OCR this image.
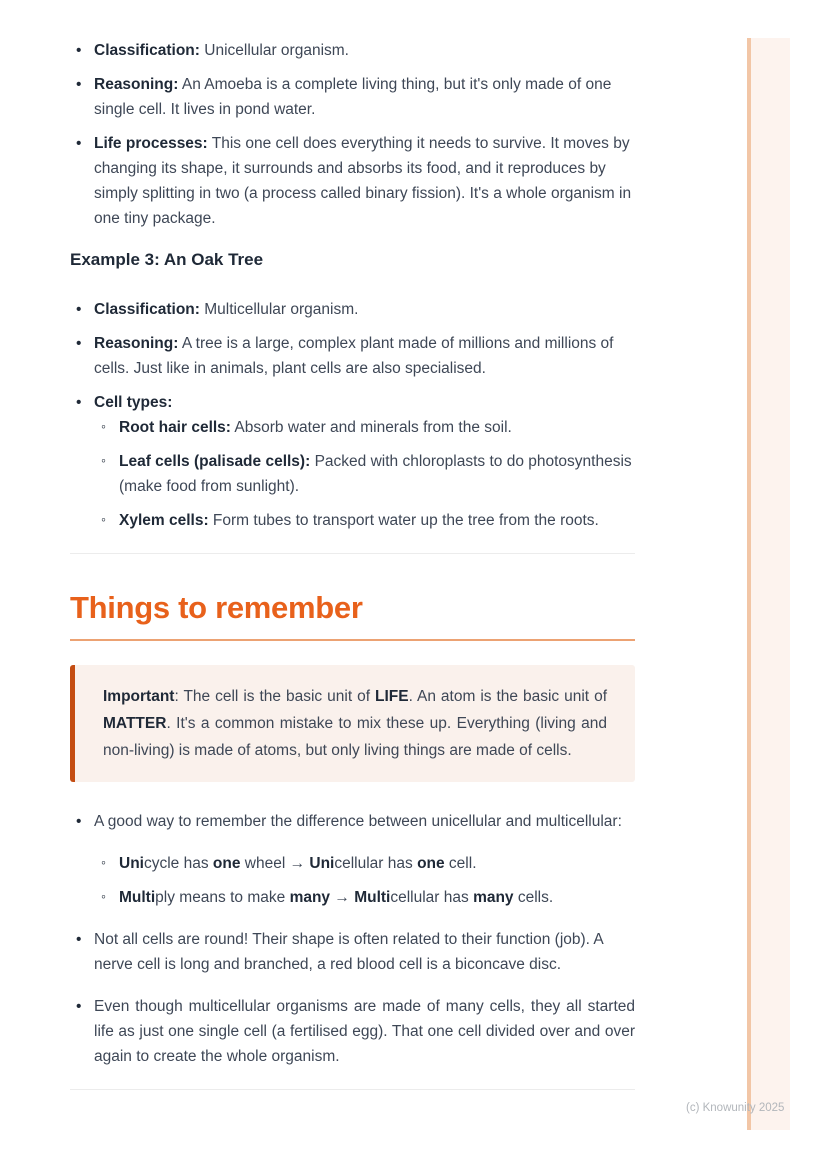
• Classification: Unicellular organism.
• Reasoning: An Amoeba is a complete living thing, but it's only made of one single cell. It lives in pond water.
• Life processes: This one cell does everything it needs to survive. It moves by changing its shape, it surrounds and absorbs its food, and it reproduces by simply splitting in two (a process called binary fission). It's a whole organism in one tiny package.
Example 3: An Oak Tree
• Classification: Multicellular organism.
• Reasoning: A tree is a large, complex plant made of millions and millions of cells. Just like in animals, plant cells are also specialised.
• Cell types:
◦ Root hair cells: Absorb water and minerals from the soil.
◦ Leaf cells (palisade cells): Packed with chloroplasts to do photosynthesis (make food from sunlight).
◦ Xylem cells: Form tubes to transport water up the tree from the roots.
Things to remember

Important: The cell is the basic unit of LIFE. An atom is the basic unit of MATTER. It's a common mistake to mix these up. Everything (living and non-living) is made of atoms, but only living things are made of cells.

• A good way to remember the difference between unicellular and multicellular:
◦ Unicycle has one wheel → Unicellular has one cell.
◦ Multiply means to make many → Multicellular has many cells.
• Not all cells are round! Their shape is often related to their function (job). A nerve cell is long and branched, a red blood cell is a biconcave disc.
• Even though multicellular organisms are made of many cells, they all started life as just one single cell (a fertilised egg). That one cell divided over and over again to create the whole organism.
(c) Knowunity 2025
